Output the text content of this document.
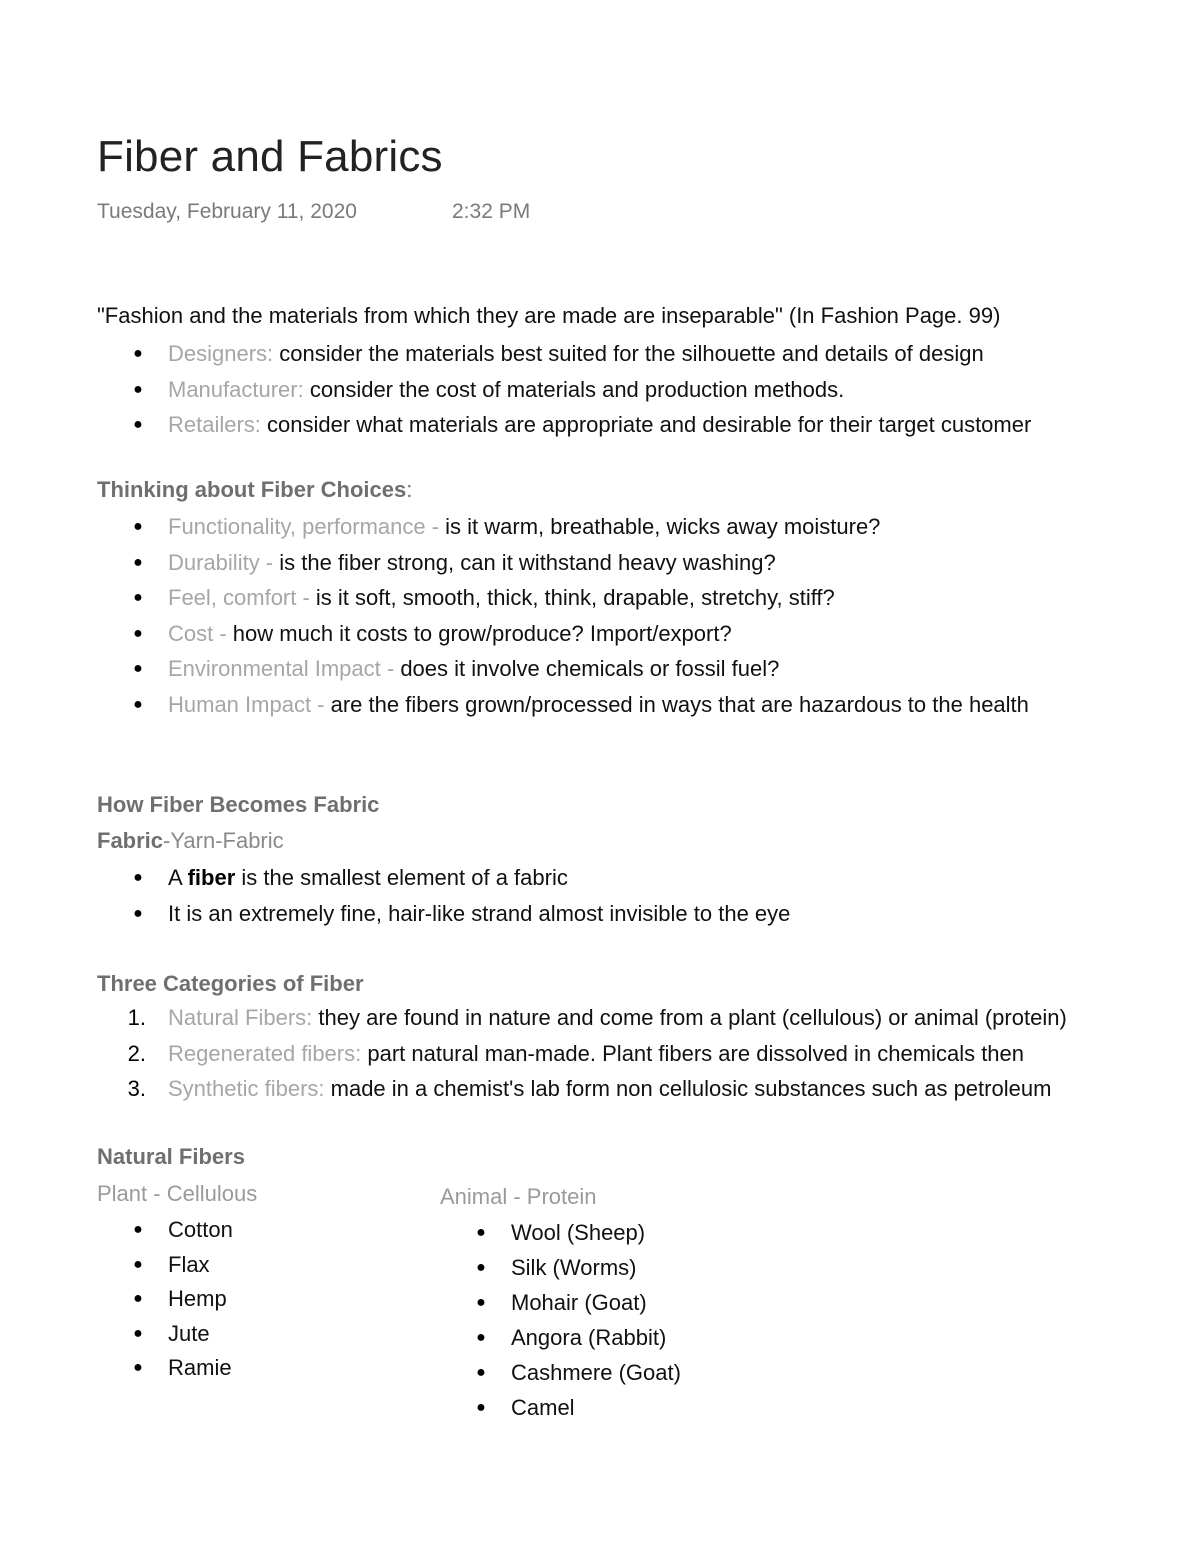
Fiber and Fabrics
Tuesday, February 11, 2020	2:32 PM
"Fashion and the materials from which they are made are inseparable" (In Fashion Page. 99)
● Designers: consider the materials best suited for the silhouette and details of design
● Manufacturer: consider the cost of materials and production methods.
● Retailers: consider what materials are appropriate and desirable for their target customer
Thinking about Fiber Choices:
● Functionality, performance - is it warm, breathable, wicks away moisture?
● Durability - is the fiber strong, can it withstand heavy washing?
● Feel, comfort - is it soft, smooth, thick, think, drapable, stretchy, stiff?
● Cost - how much it costs to grow/produce? Import/export?
● Environmental Impact - does it involve chemicals or fossil fuel?
● Human Impact - are the fibers grown/processed in ways that are hazardous to the health
How Fiber Becomes Fabric
Fabric-Yarn-Fabric
● A fiber is the smallest element of a fabric
● It is an extremely fine, hair-like strand almost invisible to the eye
Three Categories of Fiber
1. Natural Fibers: they are found in nature and come from a plant (cellulous) or animal (protein)
2. Regenerated fibers: part natural man-made. Plant fibers are dissolved in chemicals then
3. Synthetic fibers: made in a chemist's lab form non cellulosic substances such as petroleum
Natural Fibers
Plant - Cellulous
● Cotton
● Flax
● Hemp
● Jute
● Ramie
Animal - Protein
● Wool (Sheep)
● Silk (Worms)
● Mohair (Goat)
● Angora (Rabbit)
● Cashmere (Goat)
● Camel
